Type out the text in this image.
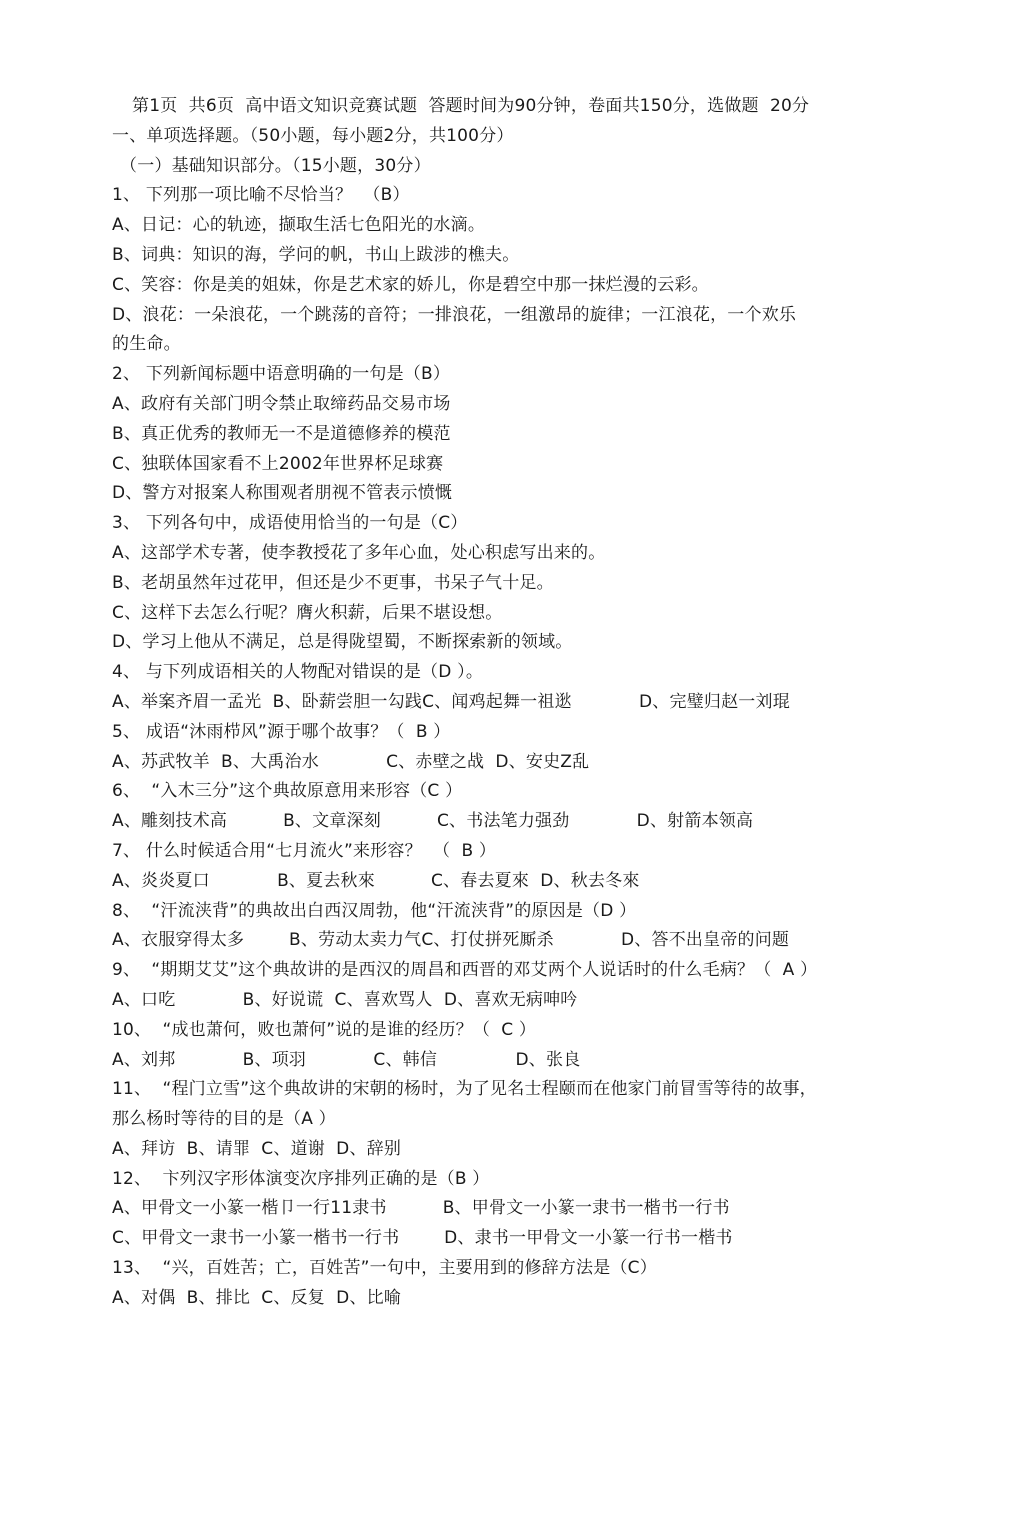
第1页  共6页  高中语文知识竞赛试题  答题时间为90分钟，卷面共150分，选做题  20分
一、单项选择题。（50小题，每小题2分，共100分）
（一）基础知识部分。（15小题，30分）
1、 下列那一项比喻不尽恰当？  （B）
A、日记：心的轨迹，撷取生活七色阳光的水滴。
B、词典：知识的海，学问的帆，书山上跋涉的樵夫。
C、笑容：你是美的姐妹，你是艺术家的娇儿，你是碧空中那一抹烂漫的云彩。
D、浪花：一朵浪花，一个跳荡的音符；一排浪花，一组激昂的旋律；一江浪花，一个欢乐
的生命。
2、 下列新闻标题中语意明确的一句是（B）
A、政府有关部门明令禁止取缔药品交易市场
B、真正优秀的教师无一不是道德修养的模范
C、独联体国家看不上2002年世界杯足球赛
D、警方对报案人称围观者朋视不管表示愤慨
3、 下列各句中，成语使用恰当的一句是（C）
A、这部学术专著，使李教授花了多年心血，处心积虑写出来的。
B、老胡虽然年过花甲，但还是少不更事，书呆子气十足。
C、这样下去怎么行呢？膺火积薪，后果不堪设想。
D、学习上他从不满足，总是得陇望蜀，不断探索新的领域。
4、 与下列成语相关的人物配对错误的是（D ）。
A、举案齐眉一孟光  B、卧薪尝胆一勾践C、闻鸡起舞一祖逖            D、完璧归赵一刘琨
5、 成语“沐雨栉风”源于哪个故事？（  B ）
A、苏武牧羊  B、大禹治水            C、赤壁之战  D、安史Z乱
6、  “入木三分”这个典故原意用来形容（C ）
A、雕刻技术高          B、文章深刻          C、书法笔力强劲            D、射箭本领高
7、 什么时候适合用“七月流火”来形容？  （  B ）
A、炎炎夏口            B、夏去秋來          C、春去夏來  D、秋去冬來
8、  “汗流浃背”的典故出白西汉周勃，他“汗流浃背”的原因是（D ）
A、衣服穿得太多        B、劳动太卖力气C、打仗拼死厮杀            D、答不出皇帝的问题
9、  “期期艾艾”这个典故讲的是西汉的周昌和西晋的邓艾两个人说话时的什么毛病？（  A ）
A、口吃            B、好说谎  C、喜欢骂人  D、喜欢无病呻吟
10、  “成也萧何，败也萧何”说的是谁的经历？（  C ）
A、刘邦            B、项羽            C、韩信              D、张良
11、  “程门立雪”这个典故讲的宋朝的杨时，为了见名士程颐而在他家门前冒雪等待的故事，
那么杨时等待的目的是（A ）
A、拜访  B、请罪  C、道谢  D、辞别
12、  卞列汉字形体演变次序排列正确的是（B ）
A、甲骨文一小篆一楷卩一行11隶书          B、甲骨文一小篆一隶书一楷书一行书
C、甲骨文一隶书一小篆一楷书一行书        D、隶书一甲骨文一小篆一行书一楷书
13、  “兴，百姓苦；亡，百姓苦”一句中，主要用到的修辞方法是（C）
A、对偶  B、排比  C、反复  D、比喻
